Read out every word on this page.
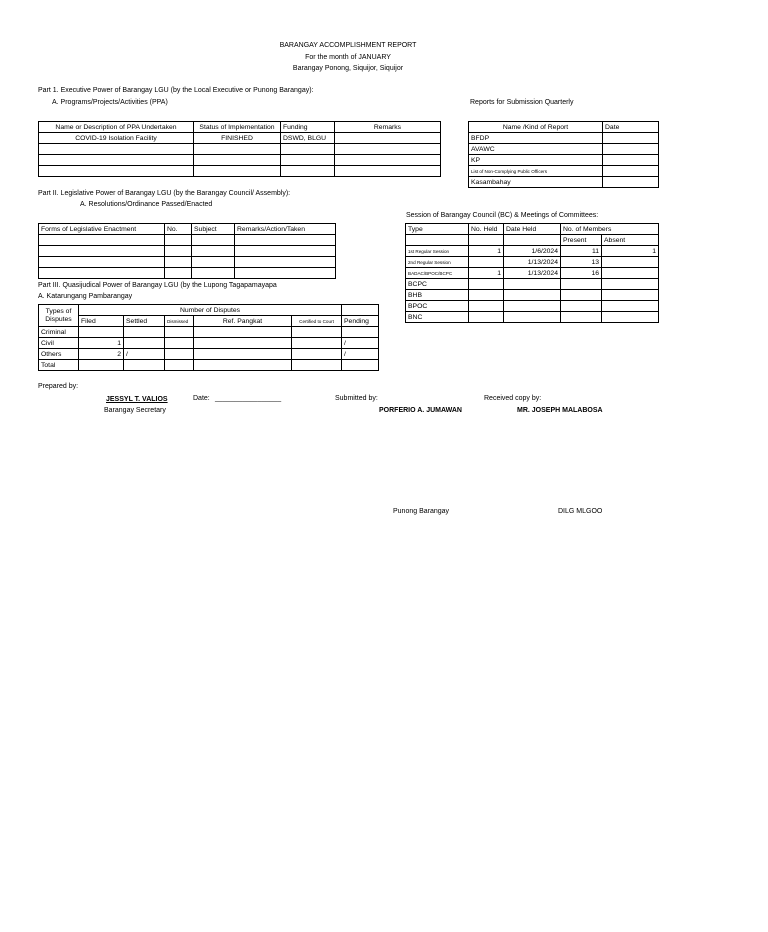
BARANGAY ACCOMPLISHMENT REPORT
For the month of JANUARY
Barangay Ponong, Siquijor, Siquijor
Part 1. Executive Power of Barangay LGU (by the Local Executive or Punong Barangay):
A. Programs/Projects/Activities (PPA)
Name or Description of PPA Undertaken	Status of Implementation	Funding	Remarks
COVID-19 Isolation Facility	FINISHED	DSWD, BLGU	

Reports for Submission Quarterly
Name /Kind of Report	Date
BFDP	
AVAWC	
KP	
List of Non-Complying Public Officers	
Kasambahay	
Part II. Legislative Power of Barangay LGU (by the Barangay Council/ Assembly):
A. Resolutions/Ordinance Passed/Enacted
Forms of Legislative Enactment	No.	Subject	Remarks/Action/Taken

Session of Barangay Council (BC) & Meetings of Committees:
Type	No. Held	Date Held	No. of Members	
			Present	Absent
1st Regular Session	1	1/6/2024	11	1
2nd Regular Session		1/13/2024	13	
BADAC/BPOC/BCPC	1	1/13/2024	16	
BCPC				
BHB				
BPOC				
BNC				
Part III. Quasijudical Power of Barangay LGU (by the Lupong Tagapamayapa
A. Katarungang Pambarangay
Types of Disputes	Number of Disputes					
	Filed	Settled	Dismissed	Ref. Pangkat	Certified to Court	Pending
Criminal						
Civil	1					/
Others	2	/				/
Total						
Prepared by:
JESSYL T. VALIOS
Barangay Secretary
Date: _________________	Submitted by:
PORFERIO A. JUMAWAN
Punong Barangay
Received copy by:
MR. JOSEPH MALABOSA
DILG MLGOO
